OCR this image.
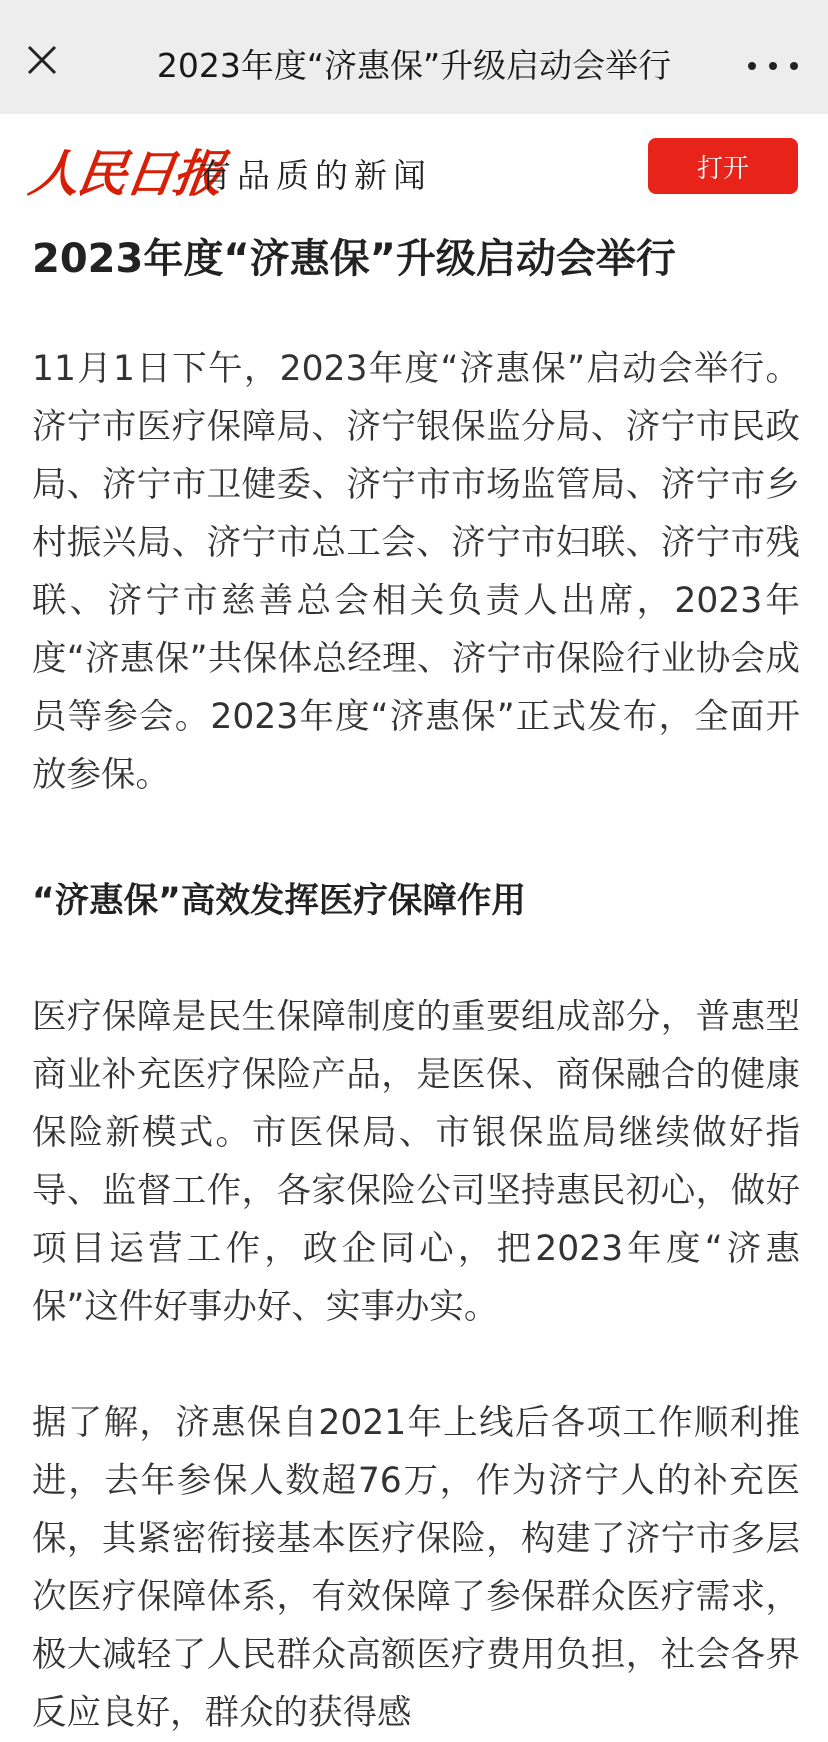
2023年度“济惠保”升级启动会举行
人民日报
有品质的新闻	打开
2023年度“济惠保”升级启动会举行

11月1日下午，2023年度“济惠保”启动会举行。济宁市医疗保障局、济宁银保监分局、济宁市民政局、济宁市卫健委、济宁市市场监管局、济宁市乡村振兴局、济宁市总工会、济宁市妇联、济宁市残联、济宁市慈善总会相关负责人出席，2023年度“济惠保”共保体总经理、济宁市保险行业协会成员等参会。2023年度“济惠保”正式发布，全面开放参保。

“济惠保”高效发挥医疗保障作用

医疗保障是民生保障制度的重要组成部分，普惠型商业补充医疗保险产品，是医保、商保融合的健康保险新模式。市医保局、市银保监局继续做好指导、监督工作，各家保险公司坚持惠民初心，做好项目运营工作，政企同心，把2023年度“济惠保”这件好事办好、实事办实。

据了解，济惠保自2021年上线后各项工作顺利推进，去年参保人数超76万，作为济宁人的补充医保，其紧密衔接基本医疗保险，构建了济宁市多层次医疗保障体系，有效保障了参保群众医疗需求，极大减轻了人民群众高额医疗费用负担，社会各界反应良好，群众的获得感
